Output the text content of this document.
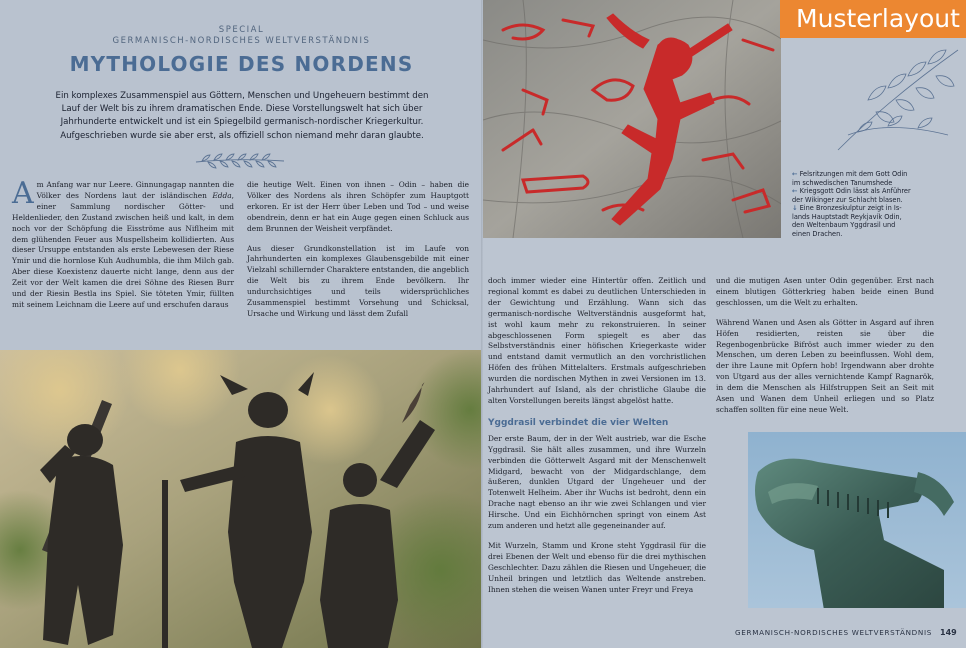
SPECIAL
GERMANISCH-NORDISCHES WELTVERSTÄNDNIS
MYTHOLOGIE DES NORDENS

Ein komplexes Zusammenspiel aus Göttern, Menschen und Ungeheuern bestimmt den Lauf der Welt bis zu ihrem dramatischen Ende. Diese Vorstellungswelt hat sich über Jahrhunderte entwickelt und ist ein Spiegelbild germanisch-nordischer Kriegerkultur. Aufgeschrieben wurde sie aber erst, als offiziell schon niemand mehr daran glaubte.

Am Anfang war nur Leere. Ginnungagap nannten die Völker des Nordens laut der isländischen Edda, einer Sammlung nordischer Götter- und Heldenlieder, den Zustand zwischen heiß und kalt, in dem noch vor der Schöpfung die Eisströme aus Niflheim mit dem glühenden Feuer aus Muspellsheim kollidierten. Aus dieser Ursuppe entstanden als erste Lebewesen der Riese Ymir und die hornlose Kuh Audhumbla, die ihm Milch gab. Aber diese Koexistenz dauerte nicht lange, denn aus der Zeit vor der Welt kamen die drei Söhne des Riesen Burr und der Riesin Bestla ins Spiel. Sie töteten Ymir, füllten mit seinem Leichnam die Leere auf und erschufen daraus

die heutige Welt. Einen von ihnen – Odin – haben die Völker des Nordens als ihren Schöpfer zum Hauptgott erkoren. Er ist der Herr über Leben und Tod – und weise obendrein, denn er hat ein Auge gegen einen Schluck aus dem Brunnen der Weisheit verpfändet.

Aus dieser Grundkonstellation ist im Laufe von Jahrhunderten ein komplexes Glaubensgebilde mit einer Vielzahl schillernder Charaktere entstanden, die angeblich die Welt bis zu ihrem Ende bevölkern. Ihr undurchsichtiges und teils widersprüchliches Zusammenspiel bestimmt Vorsehung und Schicksal, Ursache und Wirkung und lässt dem Zufall

Musterlayout
← Felsritzungen mit dem Gott Odin
im schwedischen Tanumshede
← Kriegsgott Odin lässt als Anführer
der Wikinger zur Schlacht blasen.
↓ Eine Bronzeskulptur zeigt in Is-
lands Hauptstadt Reykjavík Odin,
den Weltenbaum Yggdrasil und
einen Drachen.

doch immer wieder eine Hintertür offen. Zeitlich und regional kommt es dabei zu deutlichen Unterschieden in der Gewichtung und Erzählung. Wann sich das germanisch-nordische Weltverständnis ausgeformt hat, ist wohl kaum mehr zu rekonstruieren. In seiner abgeschlossenen Form spiegelt es aber das Selbstverständnis einer höfischen Kriegerkaste wider und entstand damit vermutlich an den vorchristlichen Höfen des frühen Mittelalters. Erstmals aufgeschrieben wurden die nordischen Mythen in zwei Versionen im 13. Jahrhundert auf Island, als der christliche Glaube die alten Vorstellungen bereits längst abgelöst hatte.

Yggdrasil verbindet die vier Welten

Der erste Baum, der in der Welt austrieb, war die Esche Yggdrasil. Sie hält alles zusammen, und ihre Wurzeln verbinden die Götterwelt Asgard mit der Menschenwelt Midgard, bewacht von der Midgardschlange, dem äußeren, dunklen Utgard der Ungeheuer und der Totenwelt Helheim. Aber ihr Wuchs ist bedroht, denn ein Drache nagt ebenso an ihr wie zwei Schlangen und vier Hirsche. Und ein Eichhörnchen springt von einem Ast zum anderen und hetzt alle gegeneinander auf.

Mit Wurzeln, Stamm und Krone steht Yggdrasil für die drei Ebenen der Welt und ebenso für die drei mythischen Geschlechter. Dazu zählen die Riesen und Ungeheuer, die Unheil bringen und letztlich das Weltende anstreben. Ihnen stehen die weisen Wanen unter Freyr und Freya

und die mutigen Asen unter Odin gegenüber. Erst nach einem blutigen Götterkrieg haben beide einen Bund geschlossen, um die Welt zu erhalten.

Während Wanen und Asen als Götter in Asgard auf ihren Höfen residierten, reisten sie über die Regenbogenbrücke Bifröst auch immer wieder zu den Menschen, um deren Leben zu beeinflussen. Wohl dem, der ihre Laune mit Opfern hob! Irgendwann aber drohte von Utgard aus der alles vernichtende Kampf Ragnarök, in dem die Menschen als Hilfstruppen Seit an Seit mit Asen und Wanen dem Unheil erliegen und so Platz schaffen sollten für eine neue Welt.

GERMANISCH-NORDISCHES WELTVERSTÄNDNIS 149
